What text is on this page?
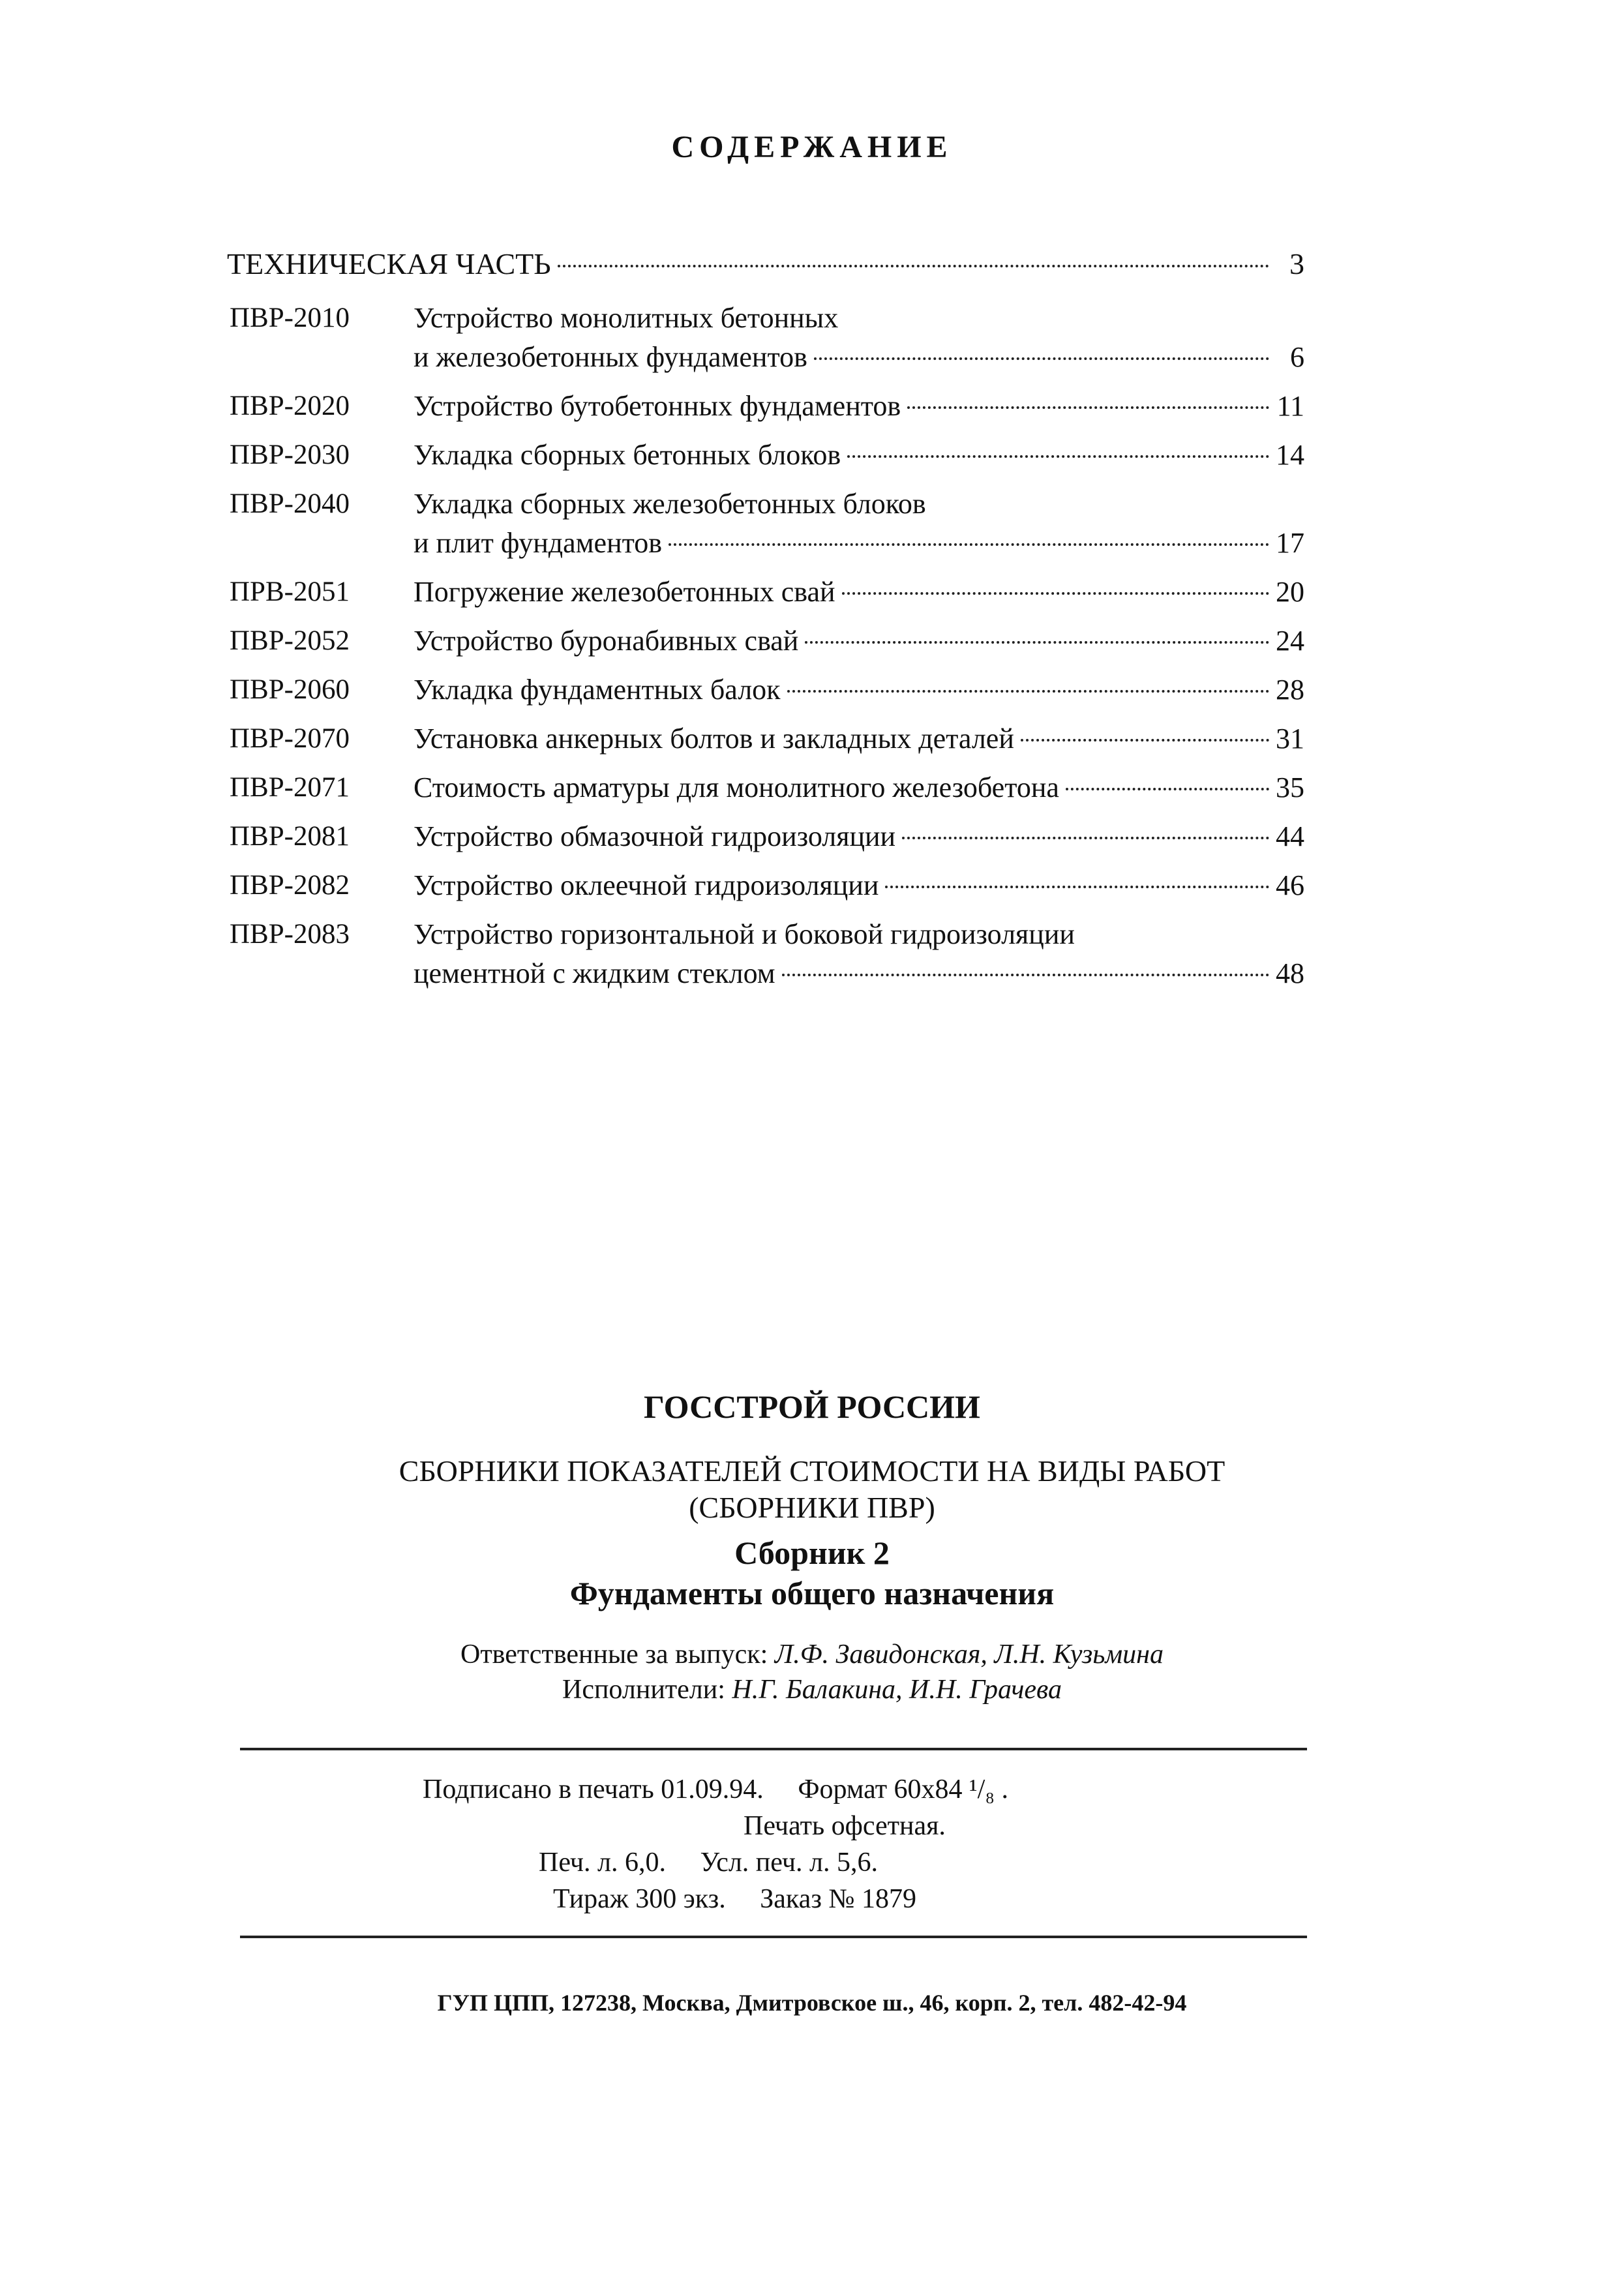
СОДЕРЖАНИЕ
ТЕХНИЧЕСКАЯ ЧАСТЬ	3
ПВР-2010	Устройство монолитных бетонных
и железобетонных фундаментов	6
ПВР-2020	Устройство бутобетонных фундаментов	11
ПВР-2030	Укладка сборных бетонных блоков	14
ПВР-2040	Укладка сборных железобетонных блоков
и плит фундаментов	17
ПРВ-2051	Погружение железобетонных свай	20
ПВР-2052	Устройство буронабивных свай	24
ПВР-2060	Укладка фундаментных балок	28
ПВР-2070	Установка анкерных болтов и закладных деталей	31
ПВР-2071	Стоимость арматуры для монолитного железобетона	35
ПВР-2081	Устройство обмазочной гидроизоляции	44
ПВР-2082	Устройство оклеечной гидроизоляции	46
ПВР-2083	Устройство горизонтальной и боковой гидроизоляции
цементной с жидким стеклом	48
ГОССТРОЙ РОССИИ
СБОРНИКИ ПОКАЗАТЕЛЕЙ СТОИМОСТИ НА ВИДЫ РАБОТ
(СБОРНИКИ ПВР)
Сборник 2
Фундаменты общего назначения
Ответственные за выпуск: Л.Ф. Завидонская, Л.Н. Кузьмина
Исполнители: Н.Г. Балакина, И.Н. Грачева
Подписано в печать 01.09.94. Формат 60x84 ¹/₈ .
Печать офсетная.
Печ. л. 6,0. Усл. печ. л. 5,6.
Тираж 300 экз. Заказ № 1879
ГУП ЦПП, 127238, Москва, Дмитровское ш., 46, корп. 2, тел. 482-42-94
